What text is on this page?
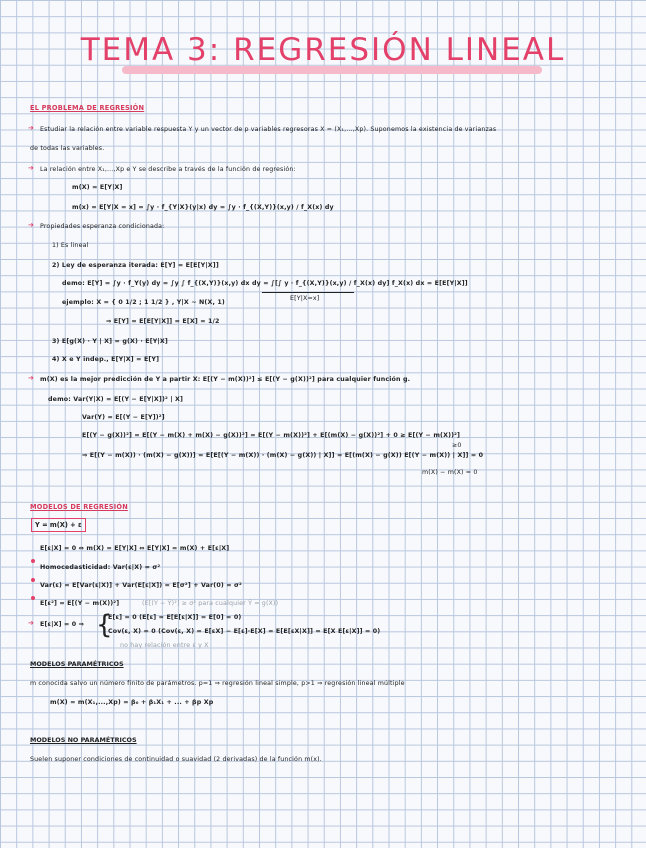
TEMA 3: REGRESIÓN LINEAL
EL PROBLEMA DE REGRESIÓN
➔ Estudiar la relación entre variable respuesta Y y un vector de p variables regresoras X = (X₁,...,Xp). Suponemos la existencia de varianzas
de todas las variables.
➔ La relación entre X₁,...,Xp e Y se describe a través de la función de regresión:
m(X) = E[Y|X]
m(x) = E[Y|X = x] = ∫y · f_{Y|X}(y|x) dy = ∫y · f_{(X,Y)}(x,y) / f_X(x) dy
➔ Propiedades esperanza condicionada:
1) Es lineal
2) Ley de esperanza iterada: E[Y] = E[E[Y|X]]
demo: E[Y] = ∫y · f_Y(y) dy = ∫y ∫ f_{(X,Y)}(x,y) dx dy = ∫[∫ y · f_{(X,Y)}(x,y) / f_X(x) dy] f_X(x) dx = E[E[Y|X]]
E[Y|X=x]
ejemplo: X = { 0 1/2 ; 1 1/2 } , Y|X ~ N(X, 1)
⇒ E[Y] = E[E[Y|X]] = E[X] = 1/2
3) E[g(X) · Y | X] = g(X) · E[Y|X]
4) X e Y indep., E[Y|X] = E[Y]
➔ m(X) es la mejor predicción de Y a partir X: E[(Y − m(X))²] ≤ E[(Y − g(X))²] para cualquier función g.
demo: Var(Y|X) = E[(Y − E[Y|X])² | X]
Var(Y) = E[(Y − E[Y])²]
E[(Y − g(X))²] = E[(Y − m(X) + m(X) − g(X))²] = E[(Y − m(X))²] + E[(m(X) − g(X))²] + 0 ≥ E[(Y − m(X))²]
≥0
⇒ E[(Y − m(X)) · (m(X) − g(X))] = E[E[(Y − m(X)) · (m(X) − g(X)) | X]] = E[(m(X) − g(X)) E[(Y − m(X)) | X]] = 0
m(X) − m(X) = 0
MODELOS DE REGRESIÓN
Y = m(X) + ε
E[ε|X] = 0 ⇔ m(X) = E[Y|X] ⇔ E[Y|X] = m(X) + E[ε|X]
Homocedasticidad: Var(ε|X) = σ²
Var(ε) = E[Var(ε|X)] + Var(E[ε|X]) = E[σ²] + Var(0) = σ²
E[ε²] = E[(Y − m(X))²]	(E[(Y − Ŷ)²] ≥ σ² para cualquier Ŷ = g(X))
➔ E[ε|X] = 0 ⇒ {
E[ε] = 0 (E[ε] = E[E[ε|X]] = E[0] = 0)
Cov(ε, X) = 0 (Cov(ε, X) = E[εX] − E[ε]·E[X] = E[E[εX|X]] = E[X E[ε|X]] = 0)
no hay relación entre ε y X
MODELOS PARAMÉTRICOS
m conocida salvo un número finito de parámetros. p=1 ⇒ regresión lineal simple, p>1 ⇒ regresión lineal múltiple
m(X) = m(X₁,...,Xp) = β₀ + β₁X₁ + ... + βp Xp
MODELOS NO PARAMÉTRICOS
Suelen suponer condiciones de continuidad o suavidad (2 derivadas) de la función m(x).
